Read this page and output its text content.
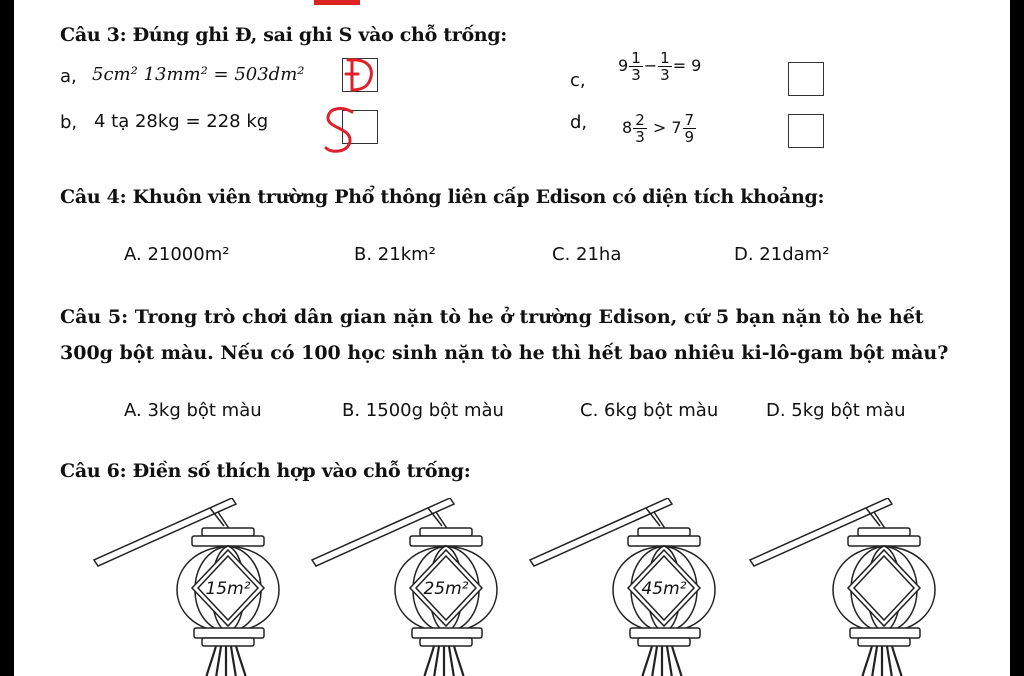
Câu 3: Đúng ghi Đ, sai ghi S vào chỗ trống:
a, 5cm² 13mm² = 503dm²
b, 4 tạ 28kg = 228 kg
c,
$9 \frac{1}{3} - \frac{1}{3} = 9$
d, $8 \frac{2}{3} > 7 \frac{7}{9}$
Câu 4: Khuôn viên trường Phổ thông liên cấp Edison có diện tích khoảng:
A. 21000m²	B. 21km²	C. 21ha	D. 21dam²
Câu 5: Trong trò chơi dân gian nặn tò he ở trường Edison, cứ 5 bạn nặn tò he hết
300g bột màu. Nếu có 100 học sinh nặn tò he thì hết bao nhiêu ki-lô-gam bột màu?
A. 3kg bột màu	B. 1500g bột màu	C. 6kg bột màu	D. 5kg bột màu
Câu 6: Điền số thích hợp vào chỗ trống:
15m²	25m²	45m²
